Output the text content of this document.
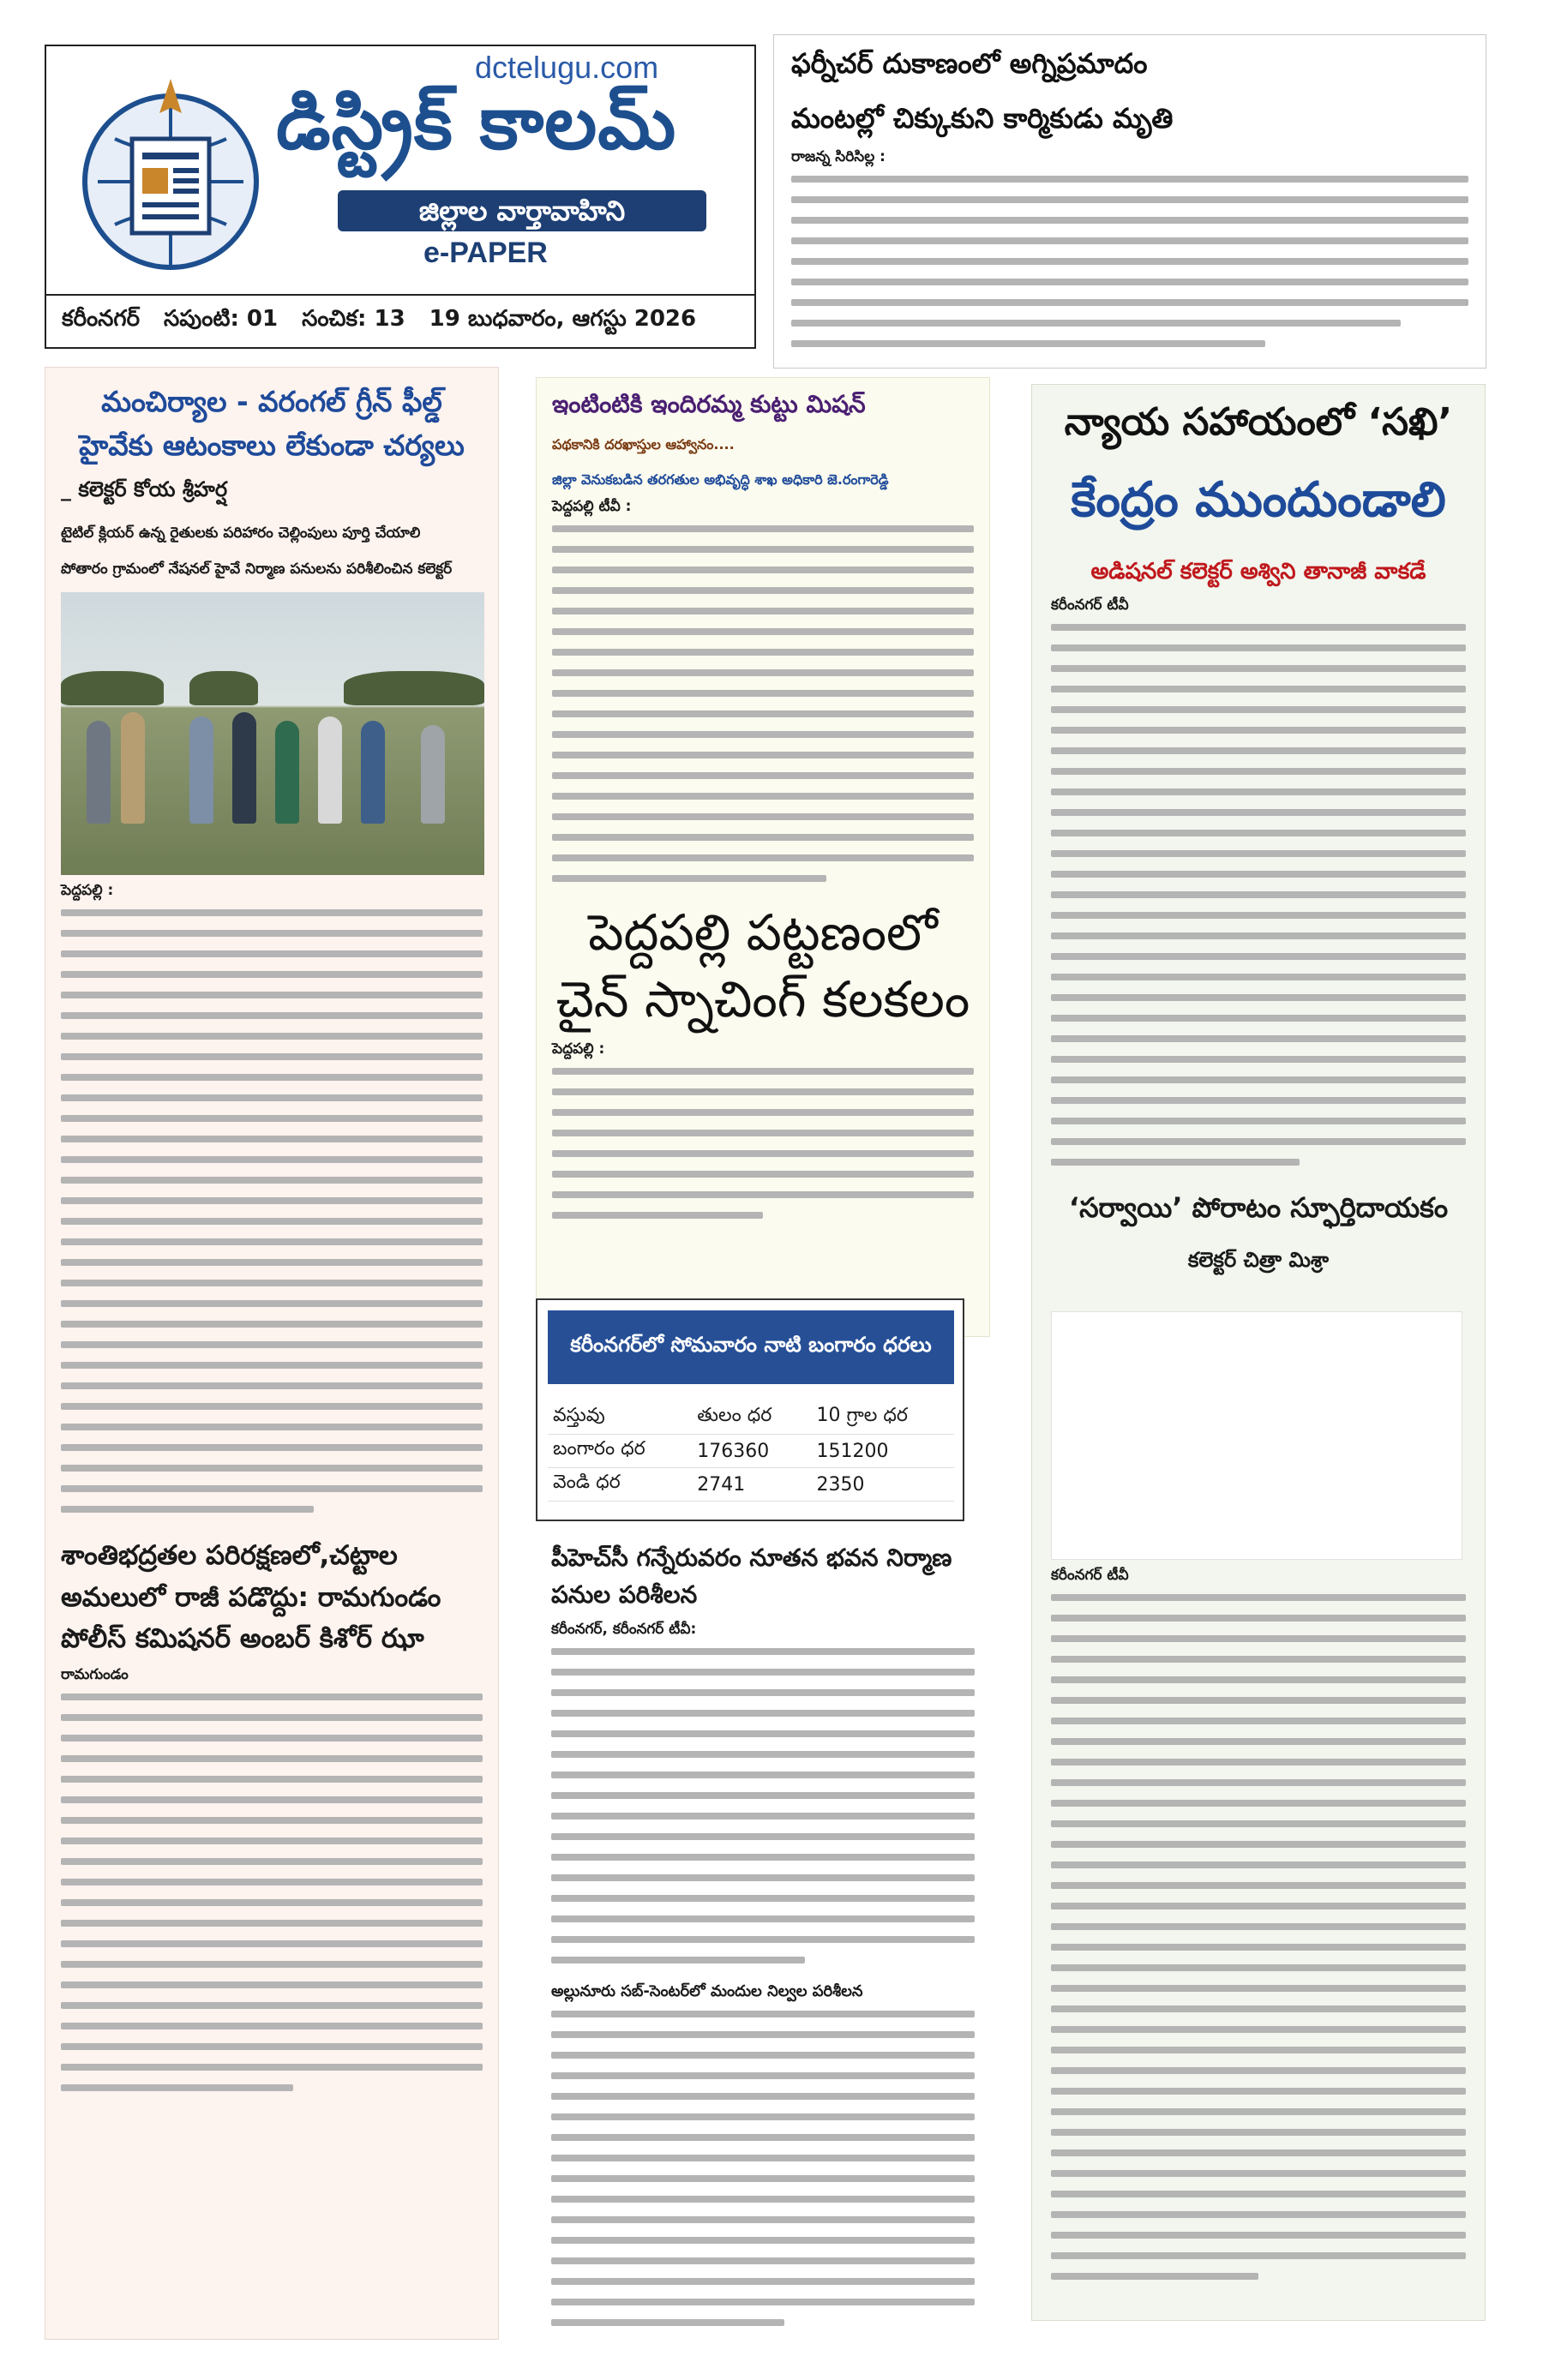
dctelugu.com
డిస్ట్రిక్ కాలమ్
జిల్లాల వార్తావాహిని
e-PAPER
కరీంనగర్ సపుంటి: 01 సంచిక: 13 19 బుధవారం, ఆగస్టు 2026
ఫర్నీచర్ దుకాణంలో అగ్నిప్రమాదం
మంటల్లో చిక్కుకుని కార్మికుడు మృతి
రాజన్న సిరిసిల్ల :
మంచిర్యాల - వరంగల్ గ్రీన్ ఫీల్డ్ హైవేకు ఆటంకాలు లేకుండా చర్యలు
_ కలెక్టర్ కోయ శ్రీహర్ష
టైటిల్ క్లియర్ ఉన్న రైతులకు పరిహారం చెల్లింపులు పూర్తి చేయాలి
పోతారం గ్రామంలో నేషనల్ హైవే నిర్మాణ పనులను పరిశీలించిన కలెక్టర్
పెద్దపల్లి :
శాంతిభద్రతల పరిరక్షణలో,చట్టాల అమలులో రాజీ పడొద్దు: రామగుండం పోలీస్ కమిషనర్ అంబర్ కిశోర్ ఝా
రామగుండం
ఇంటింటికి ఇందిరమ్మ కుట్టు మిషన్
పథకానికి దరఖాస్తుల ఆహ్వానం....
జిల్లా వెనుకబడిన తరగతుల అభివృద్ధి శాఖ అధికారి జె.రంగారెడ్డి
పెద్దపల్లి టీవీ :
పెద్దపల్లి పట్టణంలో చైన్ స్నాచింగ్ కలకలం
పెద్దపల్లి :
కరీంనగర్‌లో సోమవారం నాటి బంగారం ధరలు
వస్తువు	తులం ధర	10 గ్రాల ధర
బంగారం ధర	176360	151200
వెండి ధర	2741	2350
పీహెచ్‌సీ గన్నేరువరం నూతన భవన నిర్మాణ పనుల పరిశీలన
కరీంనగర్, కరీంనగర్ టీవీ:
అల్లునూరు సబ్-సెంటర్‌లో మందుల నిల్వల పరిశీలన
న్యాయ సహాయంలో ‘సఖి’
కేంద్రం ముందుండాలి
అడిషనల్ కలెక్టర్ అశ్విని తానాజీ వాకడే
కరీంనగర్ టీవీ
‘సర్వాయి’ పోరాటం స్ఫూర్తిదాయకం
కలెక్టర్ చిత్రా మిశ్రా
కరీంనగర్ టీవీ
